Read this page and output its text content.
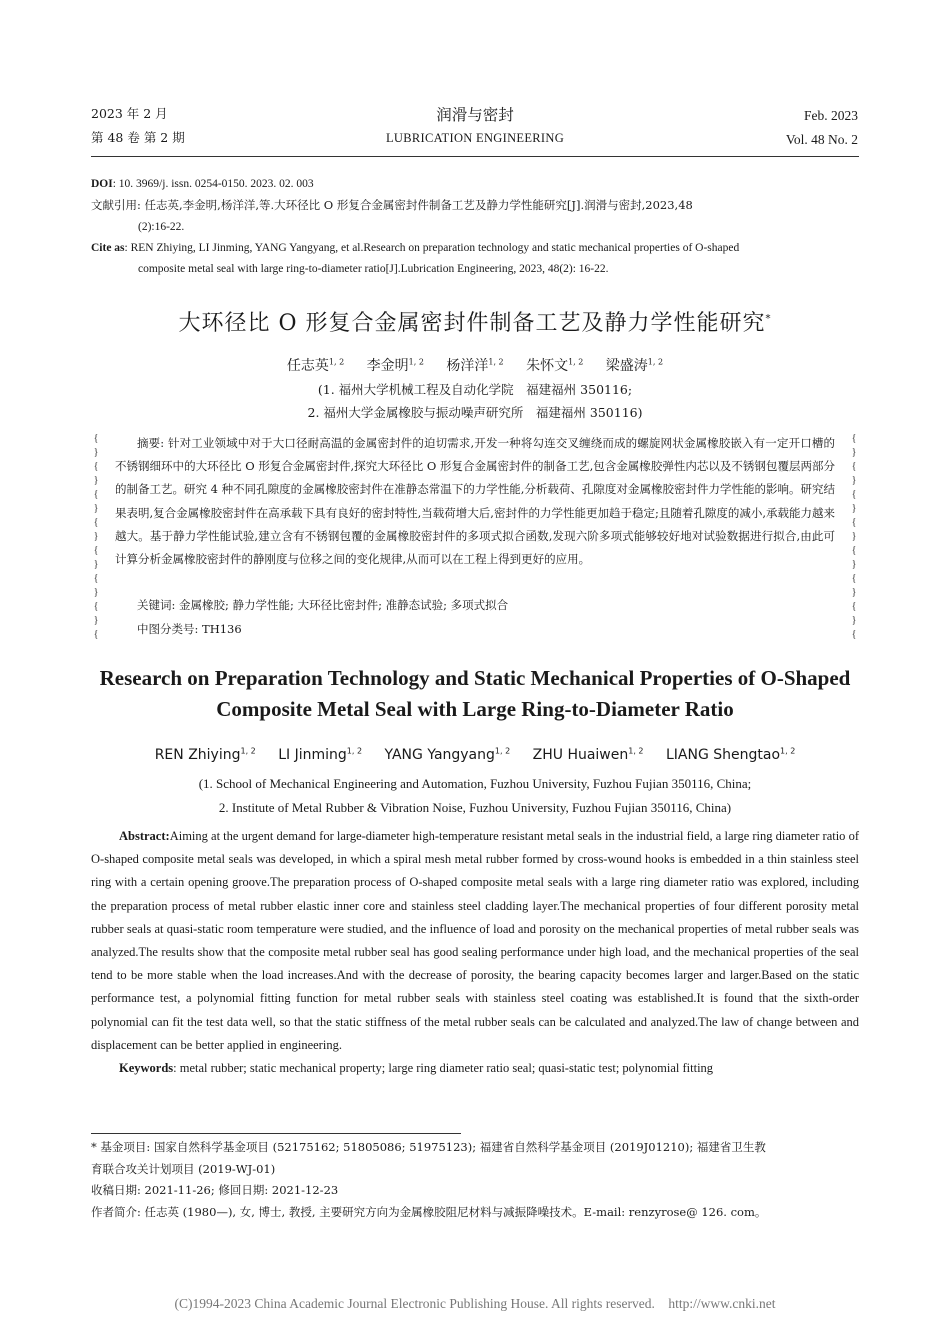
2023 年 2 月
第 48 卷 第 2 期
润滑与密封
LUBRICATION ENGINEERING
Feb. 2023
Vol. 48 No. 2
DOI: 10. 3969/j. issn. 0254-0150. 2023. 02. 003
文献引用: 任志英,李金明,杨洋洋,等.大环径比 O 形复合金属密封件制备工艺及静力学性能研究[J].润滑与密封,2023,48
(2):16-22.
Cite as: REN Zhiying, LI Jinming, YANG Yangyang, et al.Research on preparation technology and static mechanical properties of O-shaped
composite metal seal with large ring-to-diameter ratio[J].Lubrication Engineering, 2023, 48(2): 16-22.
大环径比 O 形复合金属密封件制备工艺及静力学性能研究*
任志英$^{1, 2}$ 李金明$^{1, 2}$ 杨洋洋$^{1, 2}$ 朱怀文$^{1, 2}$ 梁盛涛$^{1, 2}$
(1. 福州大学机械工程及自动化学院　福建福州 350116;
2. 福州大学金属橡胶与振动噪声研究所　福建福州 350116)
{
}
{
}
{
}
{
}
{
}
{
}
{
}
{

{
}
{
}
{
}
{
}
{
}
{
}
{
}
{

摘要: 针对工业领域中对于大口径耐高温的金属密封件的迫切需求,开发一种将勾连交叉缠绕而成的螺旋网状金属橡胶嵌入有一定开口槽的不锈钢细环中的大环径比 O 形复合金属密封件,探究大环径比 O 形复合金属密封件的制备工艺,包含金属橡胶弹性内芯以及不锈钢包覆层两部分的制备工艺。研究 4 种不同孔隙度的金属橡胶密封件在准静态常温下的力学性能,分析载荷、孔隙度对金属橡胶密封件力学性能的影响。研究结果表明,复合金属橡胶密封件在高承载下具有良好的密封特性,当载荷增大后,密封件的力学性能更加趋于稳定;且随着孔隙度的减小,承载能力越来越大。基于静力学性能试验,建立含有不锈钢包覆的金属橡胶密封件的多项式拟合函数,发现六阶多项式能够较好地对试验数据进行拟合,由此可计算分析金属橡胶密封件的静刚度与位移之间的变化规律,从而可以在工程上得到更好的应用。
关键词: 金属橡胶; 静力学性能; 大环径比密封件; 准静态试验; 多项式拟合
中图分类号: TH136
Research on Preparation Technology and Static Mechanical Properties of O-Shaped Composite Metal Seal with Large Ring-to-Diameter Ratio
REN Zhiying$^{1, 2}$ LI Jinming$^{1, 2}$ YANG Yangyang$^{1, 2}$ ZHU Huaiwen$^{1, 2}$ LIANG Shengtao$^{1, 2}$
(1. School of Mechanical Engineering and Automation, Fuzhou University, Fuzhou Fujian 350116, China;
2. Institute of Metal Rubber & Vibration Noise, Fuzhou University, Fuzhou Fujian 350116, China)

Abstract:Aiming at the urgent demand for large-diameter high-temperature resistant metal seals in the industrial field, a large ring diameter ratio of O-shaped composite metal seals was developed, in which a spiral mesh metal rubber formed by cross-wound hooks is embedded in a thin stainless steel ring with a certain opening groove.The preparation process of O-shaped composite metal seals with a large ring diameter ratio was explored, including the preparation process of metal rubber elastic inner core and stainless steel cladding layer.The mechanical properties of four different porosity metal rubber seals at quasi-static room temperature were studied, and the influence of load and porosity on the mechanical properties of metal rubber seals was analyzed.The results show that the composite metal rubber seal has good sealing performance under high load, and the mechanical properties of the seal tend to be more stable when the load increases.And with the decrease of porosity, the bearing capacity becomes larger and larger.Based on the static performance test, a polynomial fitting function for metal rubber seals with stainless steel coating was established.It is found that the sixth-order polynomial can fit the test data well, so that the static stiffness of the metal rubber seals can be calculated and analyzed.The law of change between and displacement can be better applied in engineering.

Keywords: metal rubber; static mechanical property; large ring diameter ratio seal; quasi-static test; polynomial fitting

* 基金项目: 国家自然科学基金项目 (52175162; 51805086; 51975123); 福建省自然科学基金项目 (2019J01210); 福建省卫生教
育联合攻关计划项目 (2019-WJ-01)
收稿日期: 2021-11-26; 修回日期: 2021-12-23
作者简介: 任志英 (1980—), 女, 博士, 教授, 主要研究方向为金属橡胶阻尼材料与减振降噪技术。E-mail: renzyrose@ 126. com。
(C)1994-2023 China Academic Journal Electronic Publishing House. All rights reserved.    http://www.cnki.net
